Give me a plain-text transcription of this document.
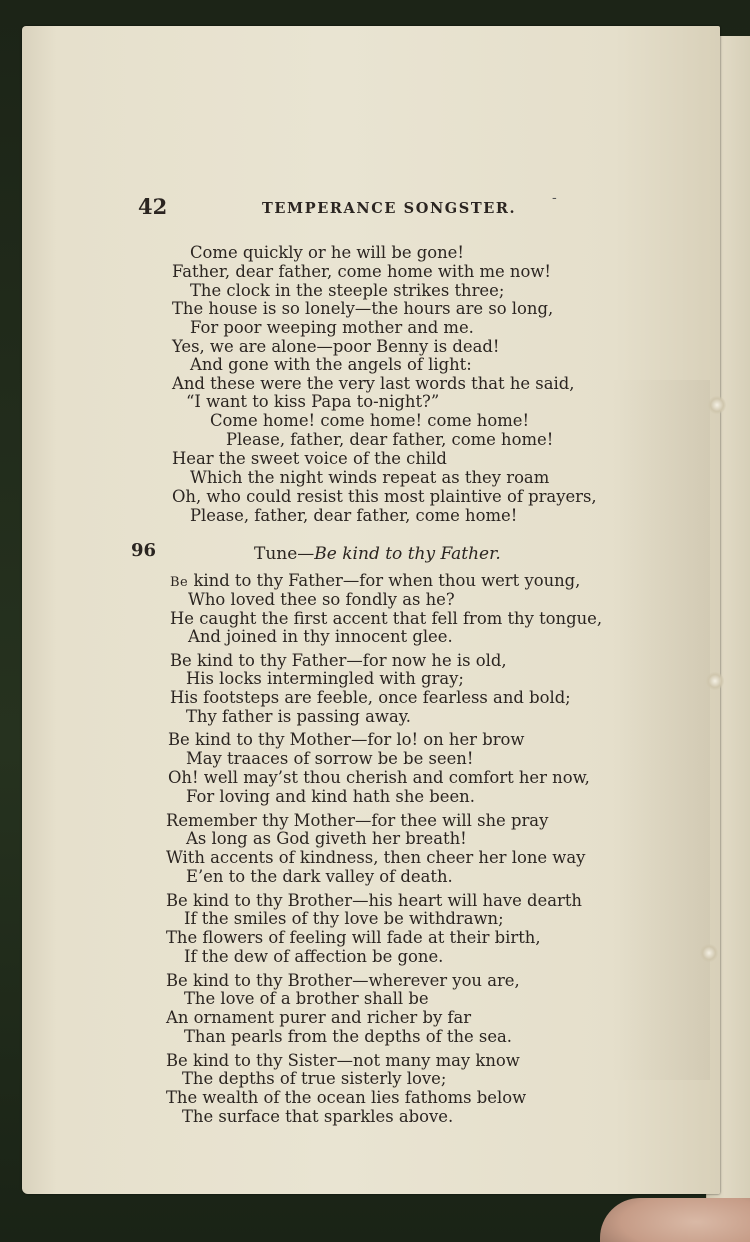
42	TEMPERANCE SONGSTER.
-
Come quickly or he will be gone!
Father, dear father, come home with me now!
The clock in the steeple strikes three;
The house is so lonely—the hours are so long,
For poor weeping mother and me.
Yes, we are alone—poor Benny is dead!
And gone with the angels of light:
And these were the very last words that he said,
“I want to kiss Papa to-night?”
Come home! come home! come home!
Please, father, dear father, come home!
Hear the sweet voice of the child
Which the night winds repeat as they roam
Oh, who could resist this most plaintive of prayers,
Please, father, dear father, come home!
96	Tune—Be kind to thy Father.
Be kind to thy Father—for when thou wert young,
Who loved thee so fondly as he?
He caught the first accent that fell from thy tongue,
And joined in thy innocent glee.
Be kind to thy Father—for now he is old,
His locks intermingled with gray;
His footsteps are feeble, once fearless and bold;
Thy father is passing away.
Be kind to thy Mother—for lo! on her brow
May traaces of sorrow be be seen!
Oh! well may’st thou cherish and comfort her now,
For loving and kind hath she been.
Remember thy Mother—for thee will she pray
As long as God giveth her breath!
With accents of kindness, then cheer her lone way
E’en to the dark valley of death.
Be kind to thy Brother—his heart will have dearth
If the smiles of thy love be withdrawn;
The flowers of feeling will fade at their birth,
If the dew of affection be gone.
Be kind to thy Brother—wherever you are,
The love of a brother shall be
An ornament purer and richer by far
Than pearls from the depths of the sea.
Be kind to thy Sister—not many may know
The depths of true sisterly love;
The wealth of the ocean lies fathoms below
The surface that sparkles above.
